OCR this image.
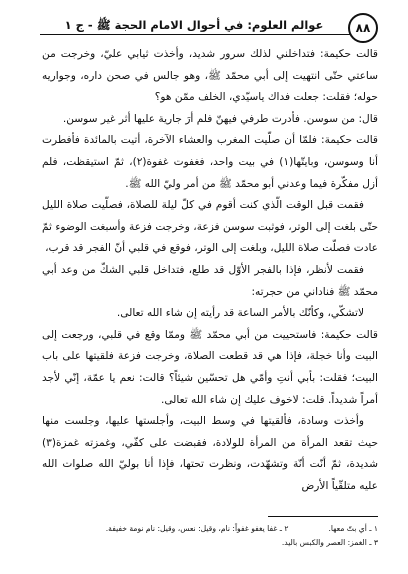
٨٨
عوالم العلوم: في أحوال الامام الحجة ﷺ - ج ١

قالت حكيمة: فتداخلني لذلك سرور شديد، وأخذت ثيابي عليّ، وخرجت من ساعتي حتّى انتهيت إلى أبي محمّد ﷺ، وهو جالس في صحن داره، وجواريه حوله؛ فقلت: جعلت فداك ياسيّدي، الخلف ممّن هو؟

قال: من سوسن. فأدرت طرفي فيهنّ فلم أرَ جارية عليها أثر غير سوسن.

قالت حكيمة: فلمّا أن صلّيت المغرب والعشاء الآخرة، أتيت بالمائدة فأفطرت أنا وسوسن، وبايتّها(١) في بيت واحد، فغفوت غفوة(٢)، ثمّ استيقظت، فلم أزل مفكّرة فيما وعدني أبو محمّد ﷺ من أمر وليّ الله ﷺ.

فقمت قبل الوقت الّذي كنت أقوم في كلّ ليلة للصلاة، فصلّيت صلاة الليل حتّى بلغت إلى الوتر، فوثبت سوسن فزعة، وخرجت فزعة وأسبغت الوضوء ثمّ عادت فصلّت صلاة الليل، وبلغت إلى الوتر، فوقع في قلبي أنّ الفجر قد قرب،

فقمت لأنظر، فإذا بالفجر الأوّل قد طلع، فتداخل قلبي الشكّ من وعد أبي محمّد ﷺ فناداني من حجرته:

لاتشكّي، وكأنّك بالأمر الساعة قد رأيته إن شاء الله تعالى.

قالت حكيمة: فاستحييت من أبي محمّد ﷺ وممّا وقع في قلبي، ورجعت إلى البيت وأنا خجلة، فإذا هي قد قطعت الصلاة، وخرجت فزعة فلقيتها على باب البيت؛ فقلت: بأبي أنتِ وأمّي هل تحسّين شيئاً؟ قالت: نعم يا عمّة، إنّي لأجد أمراً شديداً. قلت: لاخوف عليك إن شاء الله تعالى.

وأخذت وسادة، فألقيتها في وسط البيت، وأجلستها عليها، وجلست منها حيث تقعد المرأة من المرأة للولادة، فقبضت على كفّي، وغمزته غمزة(٣) شديدة، ثمّ أنّت أنّة وتشهّدت، ونظرت تحتها، فإذا أنا بوليّ الله صلوات الله عليه متلقّياً الأرض

١ ـ أي بتّ معها.
٢ ـ غفا يغفو غفواً: نام، وقيل: نعس، وقيل: نام نومة خفيفة.
٣ ـ الغمز: العصر والكبس باليد.
